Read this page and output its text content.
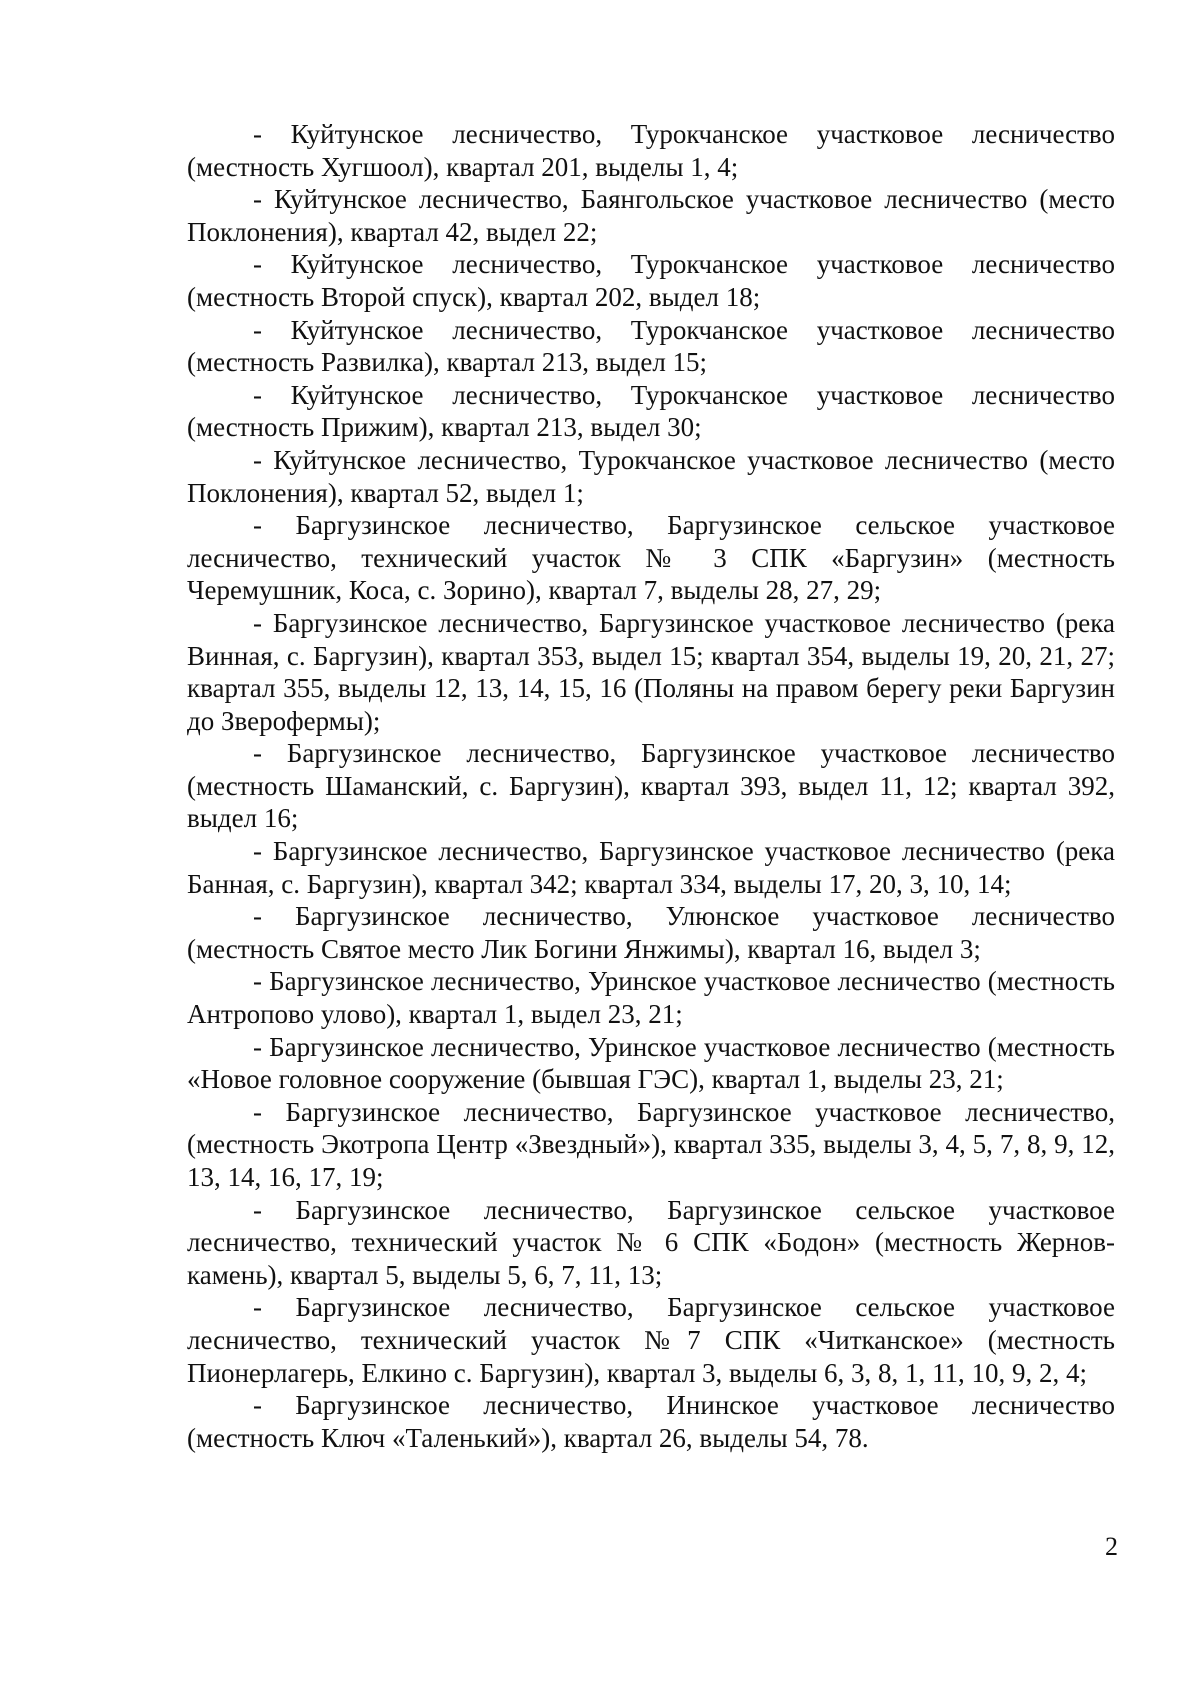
- Куйтунское лесничество, Турокчанское участковое лесничество (местность Хугшоол), квартал 201, выделы 1, 4;

- Куйтунское лесничество, Баянгольское участковое лесничество (место Поклонения), квартал 42, выдел 22;

- Куйтунское лесничество, Турокчанское участковое лесничество (местность Второй спуск), квартал 202, выдел 18;

- Куйтунское лесничество, Турокчанское участковое лесничество (местность Развилка), квартал 213, выдел 15;

- Куйтунское лесничество, Турокчанское участковое лесничество (местность Прижим), квартал 213, выдел 30;

- Куйтунское лесничество, Турокчанское участковое лесничество (место Поклонения), квартал 52, выдел 1;

- Баргузинское лесничество, Баргузинское сельское участковое лесничество, технический участок № 3 СПК «Баргузин» (местность Черемушник, Коса, с. Зорино), квартал 7, выделы 28, 27, 29;

- Баргузинское лесничество, Баргузинское участковое лесничество (река Винная, с. Баргузин), квартал 353, выдел 15; квартал 354, выделы 19, 20, 21, 27; квартал 355, выделы 12, 13, 14, 15, 16 (Поляны на правом берегу реки Баргузин до Зверофермы);

- Баргузинское лесничество, Баргузинское участковое лесничество (местность Шаманский, с. Баргузин), квартал 393, выдел 11, 12; квартал 392, выдел 16;

- Баргузинское лесничество, Баргузинское участковое лесничество (река Банная, с. Баргузин), квартал 342; квартал 334, выделы 17, 20, 3, 10, 14;

- Баргузинское лесничество, Улюнское участковое лесничество (местность Святое место Лик Богини Янжимы), квартал 16, выдел 3;

- Баргузинское лесничество, Уринское участковое лесничество (местность Антропово улово), квартал 1, выдел 23, 21;

- Баргузинское лесничество, Уринское участковое лесничество (местность «Новое головное сооружение (бывшая ГЭС), квартал 1, выделы 23, 21;

- Баргузинское лесничество, Баргузинское участковое лесничество, (местность Экотропа Центр «Звездный»), квартал 335, выделы 3, 4, 5, 7, 8, 9, 12, 13, 14, 16, 17, 19;

- Баргузинское лесничество, Баргузинское сельское участковое лесничество, технический участок № 6 СПК «Бодон» (местность Жернов-камень), квартал 5, выделы 5, 6, 7, 11, 13;

- Баргузинское лесничество, Баргузинское сельское участковое лесничество, технический участок №7 СПК «Читканское» (местность Пионерлагерь, Елкино с. Баргузин), квартал 3, выделы 6, 3, 8, 1, 11, 10, 9, 2, 4;

- Баргузинское лесничество, Ининское участковое лесничество (местность Ключ «Таленький»), квартал 26, выделы 54, 78.

2
